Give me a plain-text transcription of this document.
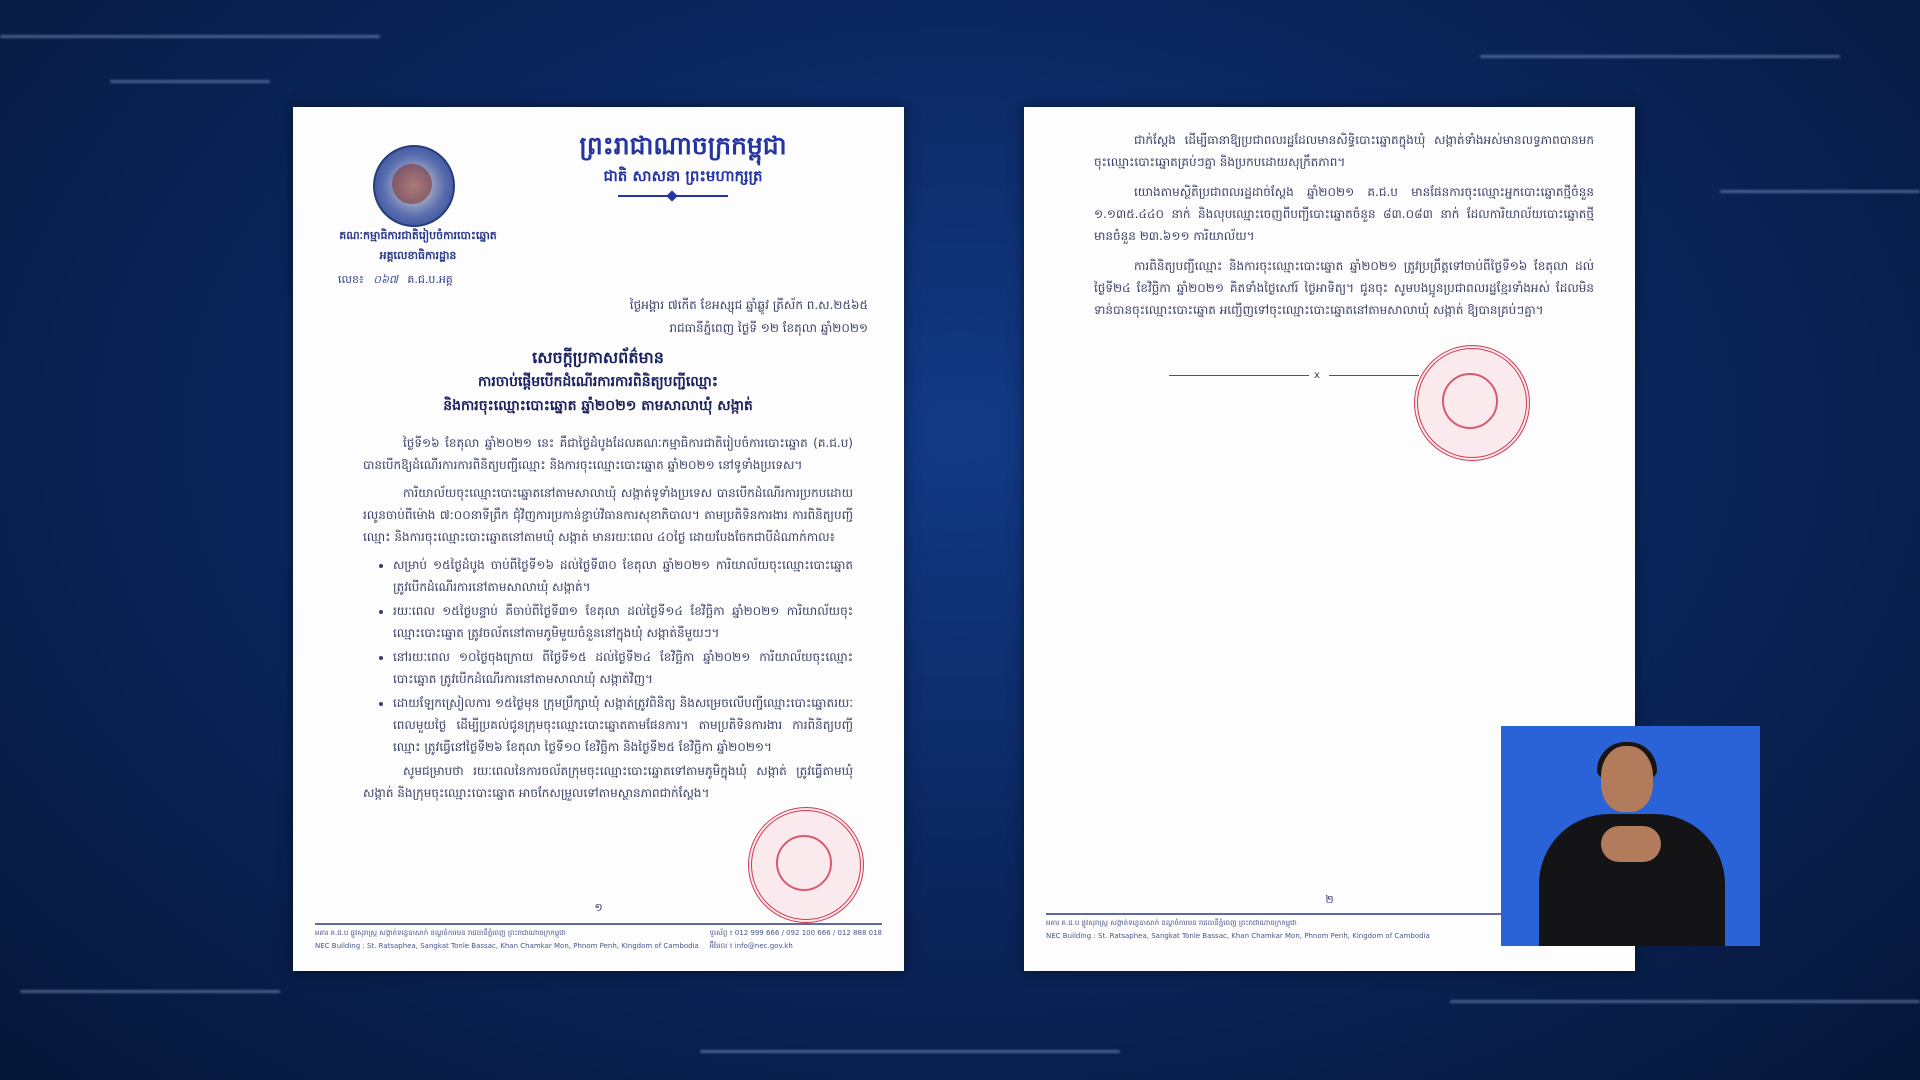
គណៈកម្មាធិការជាតិរៀបចំការបោះឆ្នោត
អគ្គលេខាធិការដ្ឋាន
លេខ៖ ០៦៧ គ.ជ.ប.អគ្គ
ព្រះរាជាណាចក្រកម្ពុជា
ជាតិ សាសនា ព្រះមហាក្សត្រ
ថ្ងៃអង្គារ ៧កើត ខែអស្សុជ ឆ្នាំឆ្លូវ ត្រីស័ក ព.ស.២៥៦៥
រាជធានីភ្នំពេញ ថ្ងៃទី ១២ ខែតុលា ឆ្នាំ២០២១
សេចក្តីប្រកាសព័ត៌មាន
ការចាប់ផ្តើមបើកដំណើរការការពិនិត្យបញ្ជីឈ្មោះ
និងការចុះឈ្មោះបោះឆ្នោត ឆ្នាំ២០២១ តាមសាលាឃុំ សង្កាត់

ថ្ងៃទី១៦ ខែតុលា ឆ្នាំ២០២១ នេះ គឺជាថ្ងៃដំបូងដែលគណៈកម្មាធិការជាតិរៀបចំការបោះឆ្នោត (គ.ជ.ប) បានបើកឱ្យដំណើរការការពិនិត្យបញ្ជីឈ្មោះ និងការចុះឈ្មោះបោះឆ្នោត ឆ្នាំ២០២១ នៅទូទាំងប្រទេស។

ការិយាល័យចុះឈ្មោះបោះឆ្នោតនៅតាមសាលាឃុំ សង្កាត់ទូទាំងប្រទេស បានបើកដំណើរការប្រកបដោយរលូនចាប់ពីម៉ោង ៧:០០នាទីព្រឹក ជុំវិញការប្រកាន់ខ្ជាប់វិធានការសុខាភិបាល។ តាមប្រតិទិនការងារ ការពិនិត្យបញ្ជីឈ្មោះ និងការចុះឈ្មោះបោះឆ្នោតនៅតាមឃុំ សង្កាត់ មានរយៈពេល ៤០ថ្ងៃ ដោយបែងចែកជាបីដំណាក់កាល៖

• សម្រាប់ ១៥ថ្ងៃដំបូង ចាប់ពីថ្ងៃទី១៦ ដល់ថ្ងៃទី៣០ ខែតុលា ឆ្នាំ២០២១ ការិយាល័យចុះឈ្មោះបោះឆ្នោត ត្រូវបើកដំណើរការនៅតាមសាលាឃុំ សង្កាត់។
• រយៈពេល ១៥ថ្ងៃបន្ទាប់ គឺចាប់ពីថ្ងៃទី៣១ ខែតុលា ដល់ថ្ងៃទី១៤ ខែវិច្ឆិកា ឆ្នាំ២០២១ ការិយាល័យចុះឈ្មោះបោះឆ្នោត ត្រូវចល័តនៅតាមភូមិមួយចំនួននៅក្នុងឃុំ សង្កាត់នីមួយៗ។
• នៅរយៈពេល ១០ថ្ងៃចុងក្រោយ ពីថ្ងៃទី១៥ ដល់ថ្ងៃទី២៤ ខែវិច្ឆិកា ឆ្នាំ២០២១ ការិយាល័យចុះឈ្មោះបោះឆ្នោត ត្រូវបើកដំណើរការនៅតាមសាលាឃុំ សង្កាត់វិញ។
• ដោយឡែកស្រៀលការ ១៥ថ្ងៃមុន ក្រុមប្រឹក្សាឃុំ សង្កាត់ត្រូវពិនិត្យ និងសម្រេចលើបញ្ជីឈ្មោះបោះឆ្នោតរយៈពេលមួយថ្ងៃ ដើម្បីប្រគល់ជូនក្រុមចុះឈ្មោះបោះឆ្នោតតាមផែនការ។ តាមប្រតិទិនការងារ ការពិនិត្យបញ្ជីឈ្មោះ ត្រូវធ្វើនៅថ្ងៃទី២៦ ខែតុលា ថ្ងៃទី១០ ខែវិច្ឆិកា និងថ្ងៃទី២៥ ខែវិច្ឆិកា ឆ្នាំ២០២១។

សូមជម្រាបថា រយៈពេលនៃការចល័តក្រុមចុះឈ្មោះបោះឆ្នោតទៅតាមភូមិក្នុងឃុំ សង្កាត់ ត្រូវធ្វើតាមឃុំ សង្កាត់ និងក្រុមចុះឈ្មោះបោះឆ្នោត អាចកែសម្រួលទៅតាមស្ថានភាពជាក់ស្តែង។

១
អគារ គ.ជ.ប ផ្លូវសុរាស្ត្រ សង្កាត់ទន្លេបាសាក់ ខណ្ឌចំការមន រាជធានីភ្នំពេញ ព្រះរាជាណាចក្រកម្ពុជា
NEC Building : St. Ratsaphea, Sangkat Tonle Bassac, Khan Chamkar Mon, Phnom Penh, Kingdom of Cambodia
ទូរស័ព្ទ ៖ 012 999 666 / 092 100 666 / 012 888 018
អ៊ីមែល ៖ info@nec.gov.kh

ជាក់ស្តែង ដើម្បីធានាឱ្យប្រជាពលរដ្ឋដែលមានសិទ្ធិបោះឆ្នោតក្នុងឃុំ សង្កាត់ទាំងអស់មានលទ្ធភាពបានមកចុះឈ្មោះបោះឆ្នោតគ្រប់ៗគ្នា និងប្រកបដោយសុក្រឹតភាព។

យោងតាមស្ថិតិប្រជាពលរដ្ឋដាច់ស្តែង ឆ្នាំ២០២១ គ.ជ.ប មានផែនការចុះឈ្មោះអ្នកបោះឆ្នោតថ្មីចំនួន ១.១៣៥.៤៤០ នាក់ និងលុបឈ្មោះចេញពីបញ្ជីបោះឆ្នោតចំនួន ៨៣.០៨៣ នាក់ ដែលការិយាល័យបោះឆ្នោតថ្មី មានចំនួន ២៣.៦១១ ការិយាល័យ។

ការពិនិត្យបញ្ជីឈ្មោះ និងការចុះឈ្មោះបោះឆ្នោត ឆ្នាំ២០២១ ត្រូវប្រព្រឹត្តទៅចាប់ពីថ្ងៃទី១៦ ខែតុលា ដល់ថ្ងៃទី២៤ ខែវិច្ឆិកា ឆ្នាំ២០២១ គិតទាំងថ្ងៃសៅរ៍ ថ្ងៃអាទិត្យ។ ជូនចុះ សូមបងប្អូនប្រជាពលរដ្ឋខ្មែរទាំងអស់ ដែលមិនទាន់បានចុះឈ្មោះបោះឆ្នោត អញ្ជើញទៅចុះឈ្មោះបោះឆ្នោតនៅតាមសាលាឃុំ សង្កាត់ ឱ្យបានគ្រប់ៗគ្នា។

x
២
អគារ គ.ជ.ប ផ្លូវសុរាស្ត្រ សង្កាត់ទន្លេបាសាក់ ខណ្ឌចំការមន រាជធានីភ្នំពេញ ព្រះរាជាណាចក្រកម្ពុជា
NEC Building : St. Ratsaphea, Sangkat Tonle Bassac, Khan Chamkar Mon, Phnom Penh, Kingdom of Cambodia
